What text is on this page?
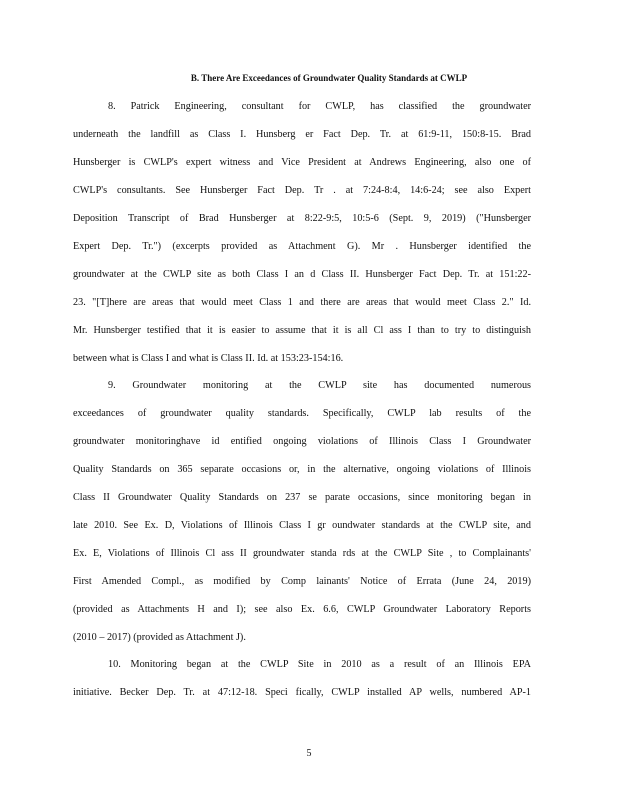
B. There Are Exceedances of Groundwater Quality Standards at CWLP
8. Patrick Engineering, consultant for CWLP, has classified the groundwater
underneath the landfill as Class I. Hunsberg er Fact Dep. Tr. at 61:9-11, 150:8-15. Brad
Hunsberger is CWLP's expert witness and Vice President at Andrews Engineering, also one of
CWLP's consultants. See Hunsberger Fact Dep. Tr . at 7:24-8:4, 14:6-24; see also Expert
Deposition Transcript of Brad Hunsberger at 8:22-9:5, 10:5-6 (Sept. 9, 2019) ("Hunsberger
Expert Dep. Tr.") (excerpts provided as Attachment G). Mr . Hunsberger identified the
groundwater at the CWLP site as both Class I an d Class II. Hunsberger Fact Dep. Tr. at 151:22-
23. "[T]here are areas that would meet Class 1 and there are areas that would meet Class 2." Id.
Mr. Hunsberger testified that it is easier to assume that it is all Cl ass I than to try to distinguish
between what is Class I and what is Class II. Id. at 153:23-154:16.
9. Groundwater monitoring at the CWLP site has documented numerous
exceedances of groundwater quality standards. Specifically, CWLP lab results of the
groundwater monitoringhave id entified ongoing violations of Illinois Class I Groundwater
Quality Standards on 365 separate occasions or, in the alternative, ongoing violations of Illinois
Class II Groundwater Quality Standards on 237 se parate occasions, since monitoring began in
late 2010. See Ex. D, Violations of Illinois Class I gr oundwater standards at the CWLP site, and
Ex. E, Violations of Illinois Cl ass II groundwater standa rds at the CWLP Site , to Complainants'
First Amended Compl., as modified by Comp lainants' Notice of Errata (June 24, 2019)
(provided as Attachments H and I); see also Ex. 6.6, CWLP Groundwater Laboratory Reports
(2010 – 2017) (provided as Attachment J).
10. Monitoring began at the CWLP Site in 2010 as a result of an Illinois EPA
initiative. Becker Dep. Tr. at 47:12-18. Speci fically, CWLP installed AP wells, numbered AP-1
5
